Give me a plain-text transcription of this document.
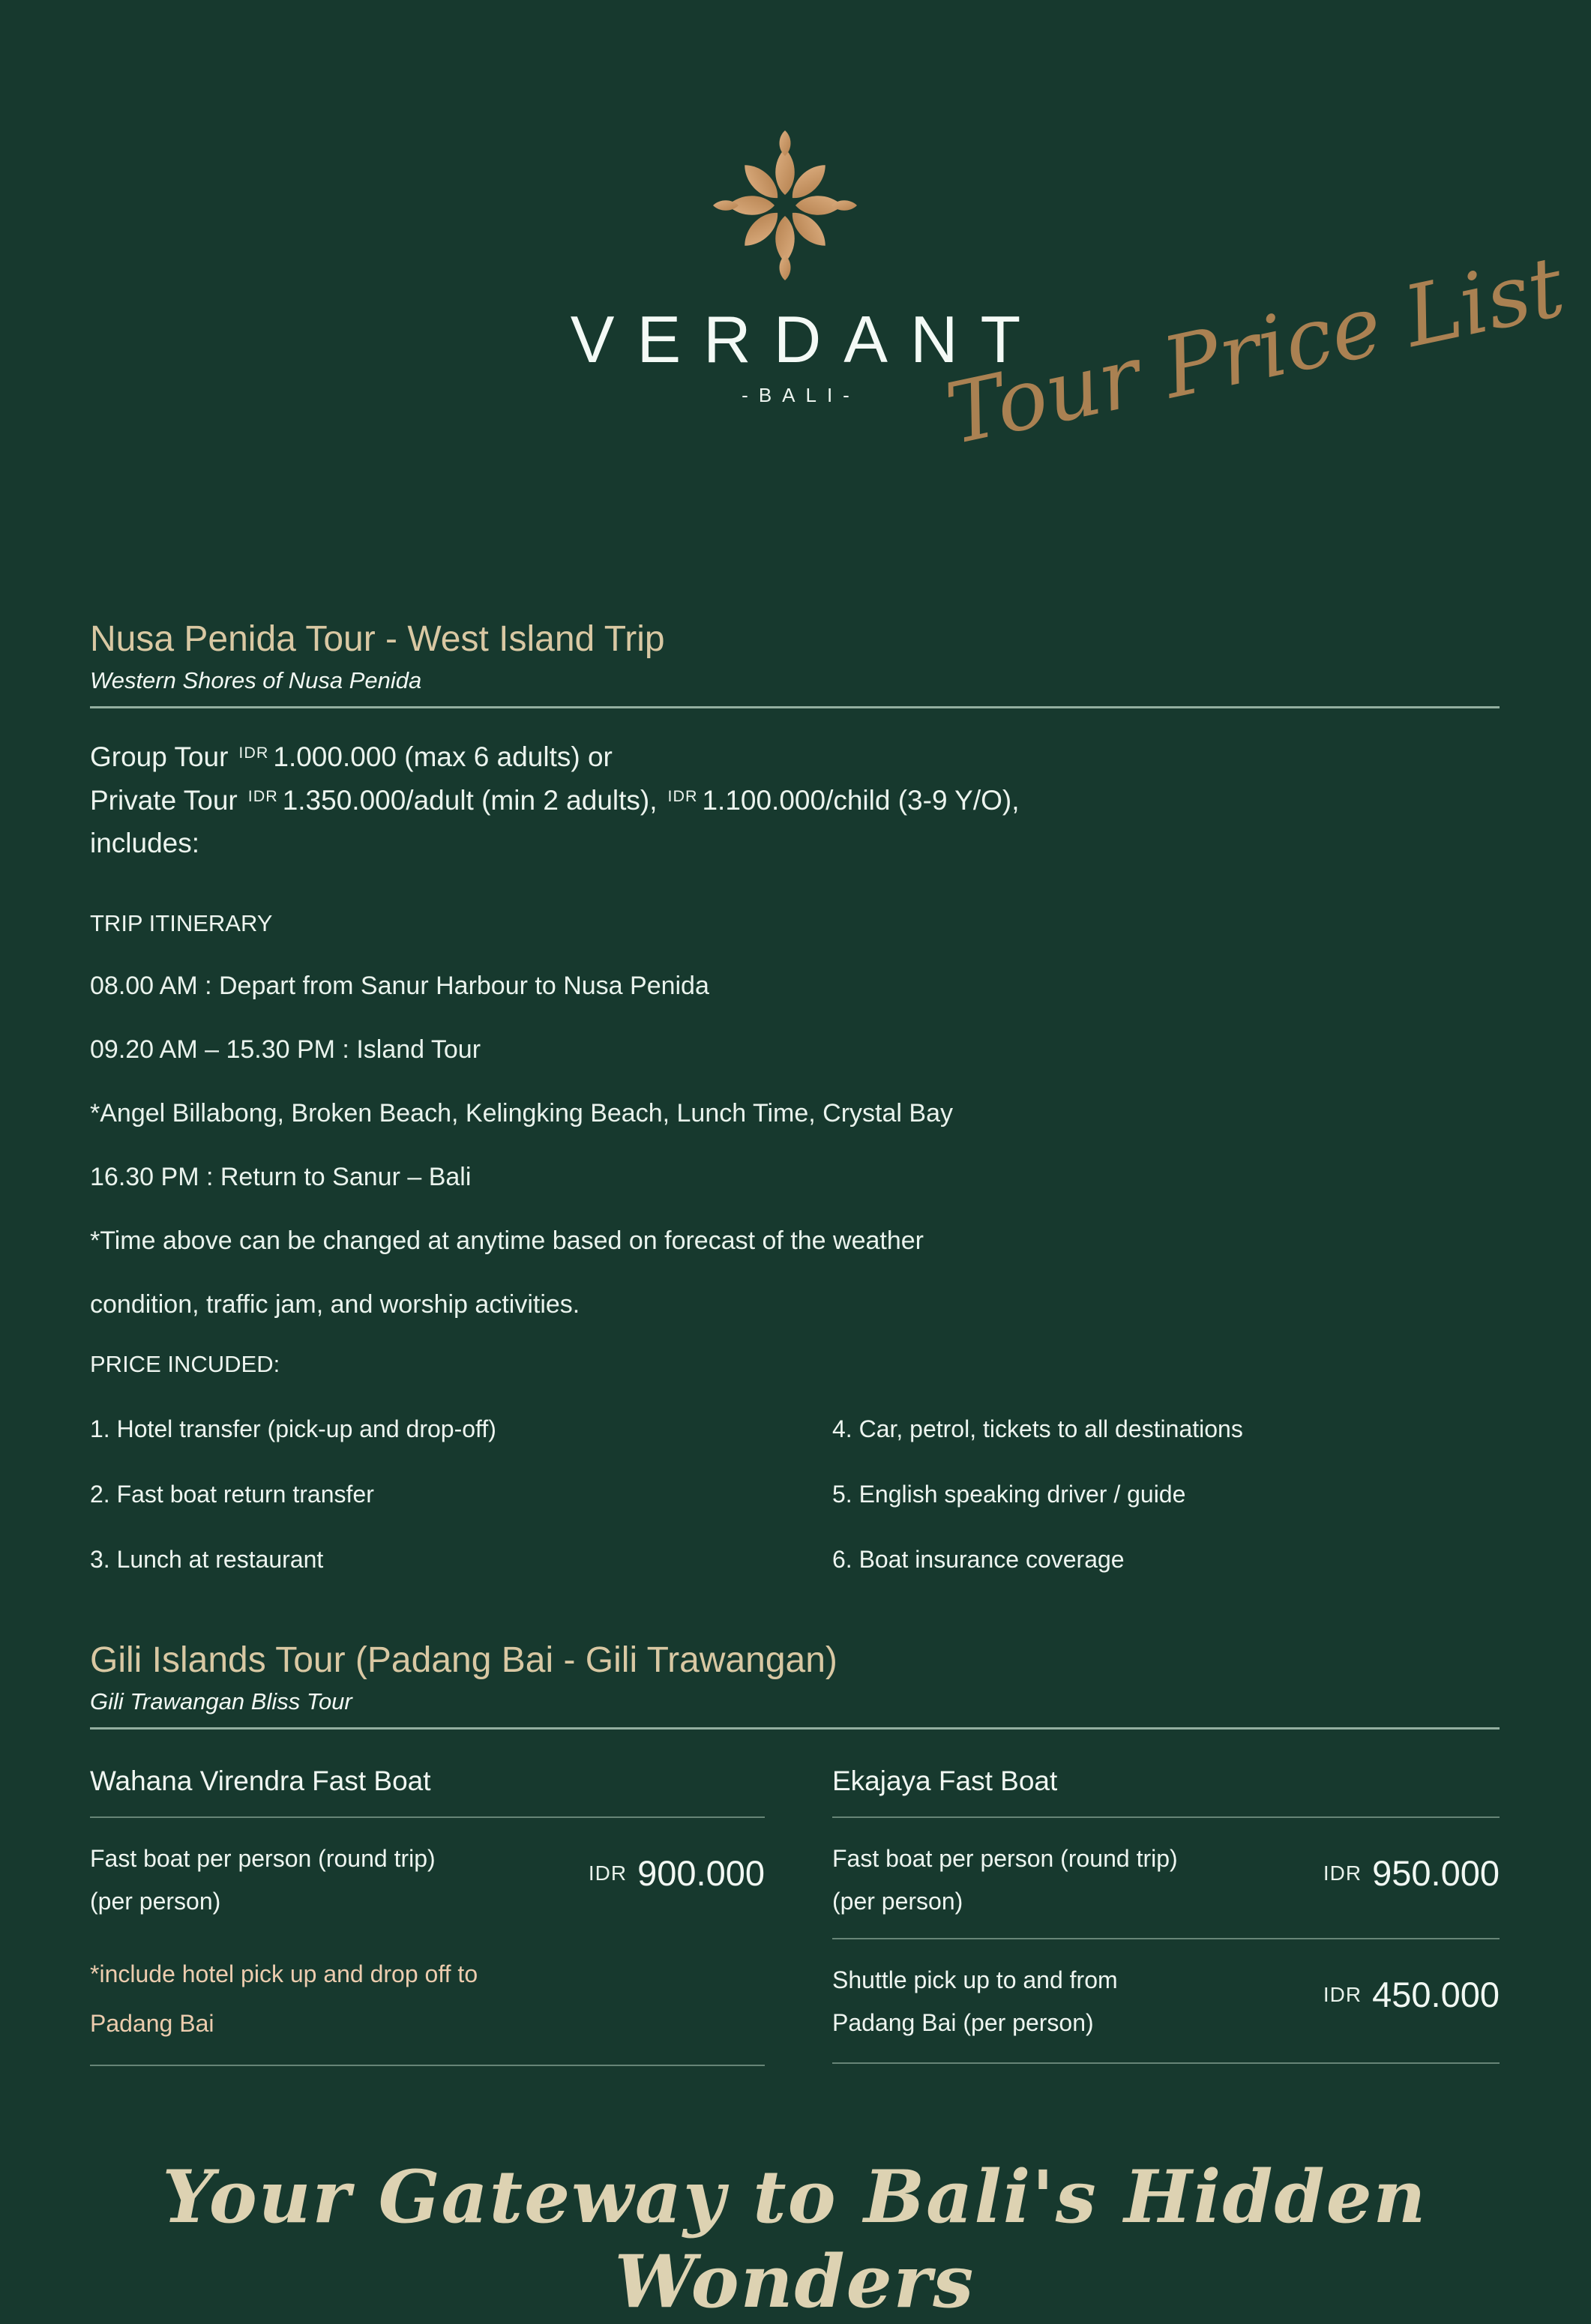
VERDANT
-BALI- Tour Price List
Nusa Penida Tour - West Island Trip

Western Shores of Nusa Penida

Group Tour $^{IDR}$ 1.000.000 (max 6 adults) or

Private Tour $^{IDR}$ 1.350.000/adult (min 2 adults), $^{IDR}$ 1.100.000/child (3-9 Y/O),

includes:

TRIP ITINERARY

08.00 AM : Depart from Sanur Harbour to Nusa Penida

09.20 AM – 15.30 PM : Island Tour

*Angel Billabong, Broken Beach, Kelingking Beach, Lunch Time, Crystal Bay

16.30 PM : Return to Sanur – Bali

*Time above can be changed at anytime based on forecast of the weather

condition, traffic jam, and worship activities.

PRICE INCUDED:

1. Hotel transfer (pick-up and drop-off)

2. Fast boat return transfer

3. Lunch at restaurant

4. Car, petrol, tickets to all destinations

5. English speaking driver / guide

6. Boat insurance coverage

Gili Islands Tour (Padang Bai - Gili Trawangan)

Gili Trawangan Bliss Tour

Wahana Virendra Fast Boat
Fast boat per person (round trip)
(per person)
IDR 900.000
*include hotel pick up and drop off to
Padang Bai
Ekajaya Fast Boat
Fast boat per person (round trip)
(per person)
IDR 950.000
Shuttle pick up to and from
Padang Bai (per person)
IDR 450.000
Your Gateway to Bali's Hidden Wonders
